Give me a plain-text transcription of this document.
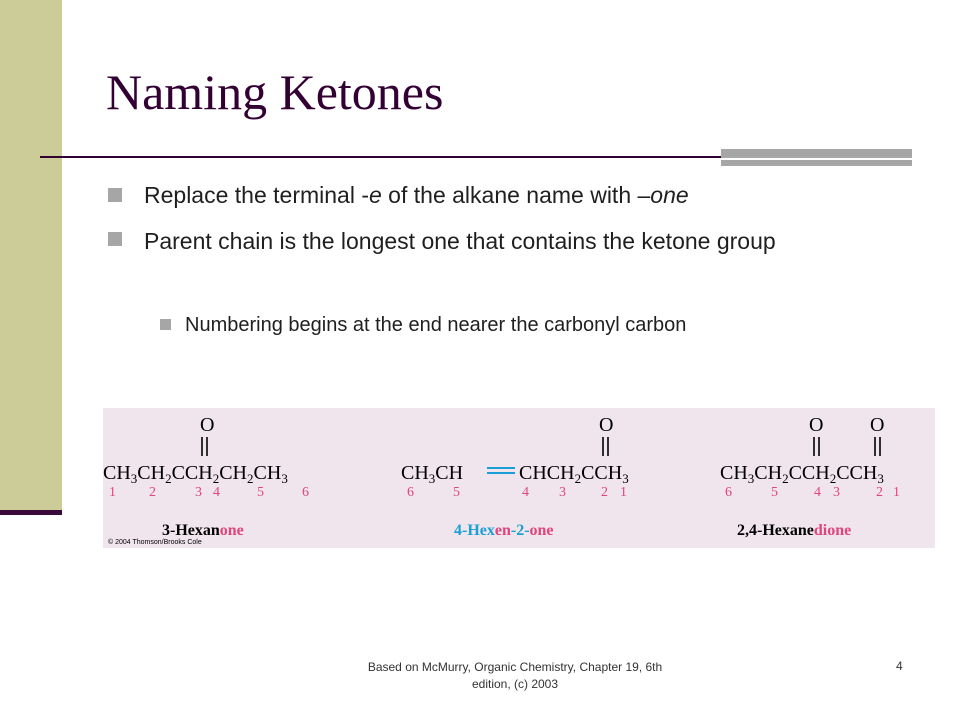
Naming Ketones
Replace the terminal -e of the alkane name with –one
Parent chain is the longest one that contains the ketone group
Numbering begins at the end nearer the carbonyl carbon
O
$CH_3CH_2CCH_2CH_2CH_3$
1 2	3 4	5	6
O
$CH_3CH$	$CHCH_2CCH_3$
6	5	4 3	2 1
O O
$CH_3CH_2CCH_2CCH_3$
6	5	4 3	2 1
3-Hexanone	4-Hexen-2-one	2,4-Hexanedione
© 2004 Thomson/Brooks Cole
Based on McMurry, Organic Chemistry, Chapter 19, 6th edition, (c) 2003
4
